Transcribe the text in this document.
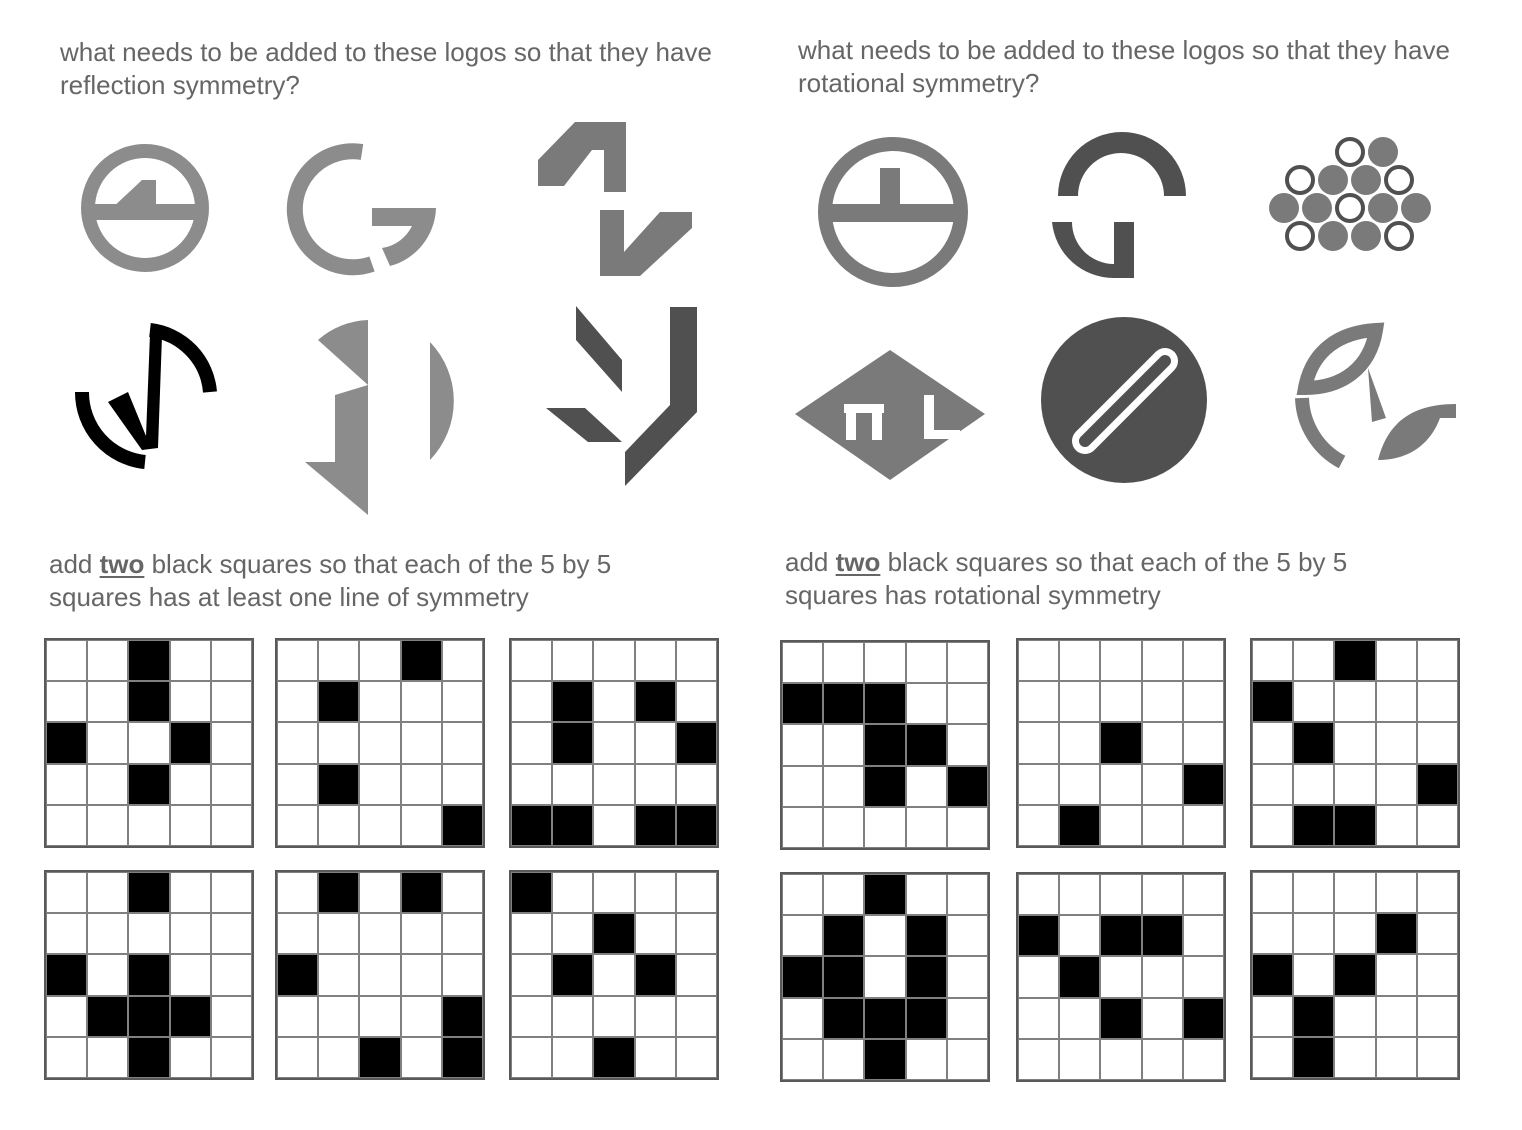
what needs to be added to these logos so that they have reflection symmetry?

what needs to be added to these logos so that they have rotational symmetry?

add two black squares so that each of the 5 by 5 squares has at least one line of symmetry

add two black squares so that each of the 5 by 5 squares has rotational symmetry
